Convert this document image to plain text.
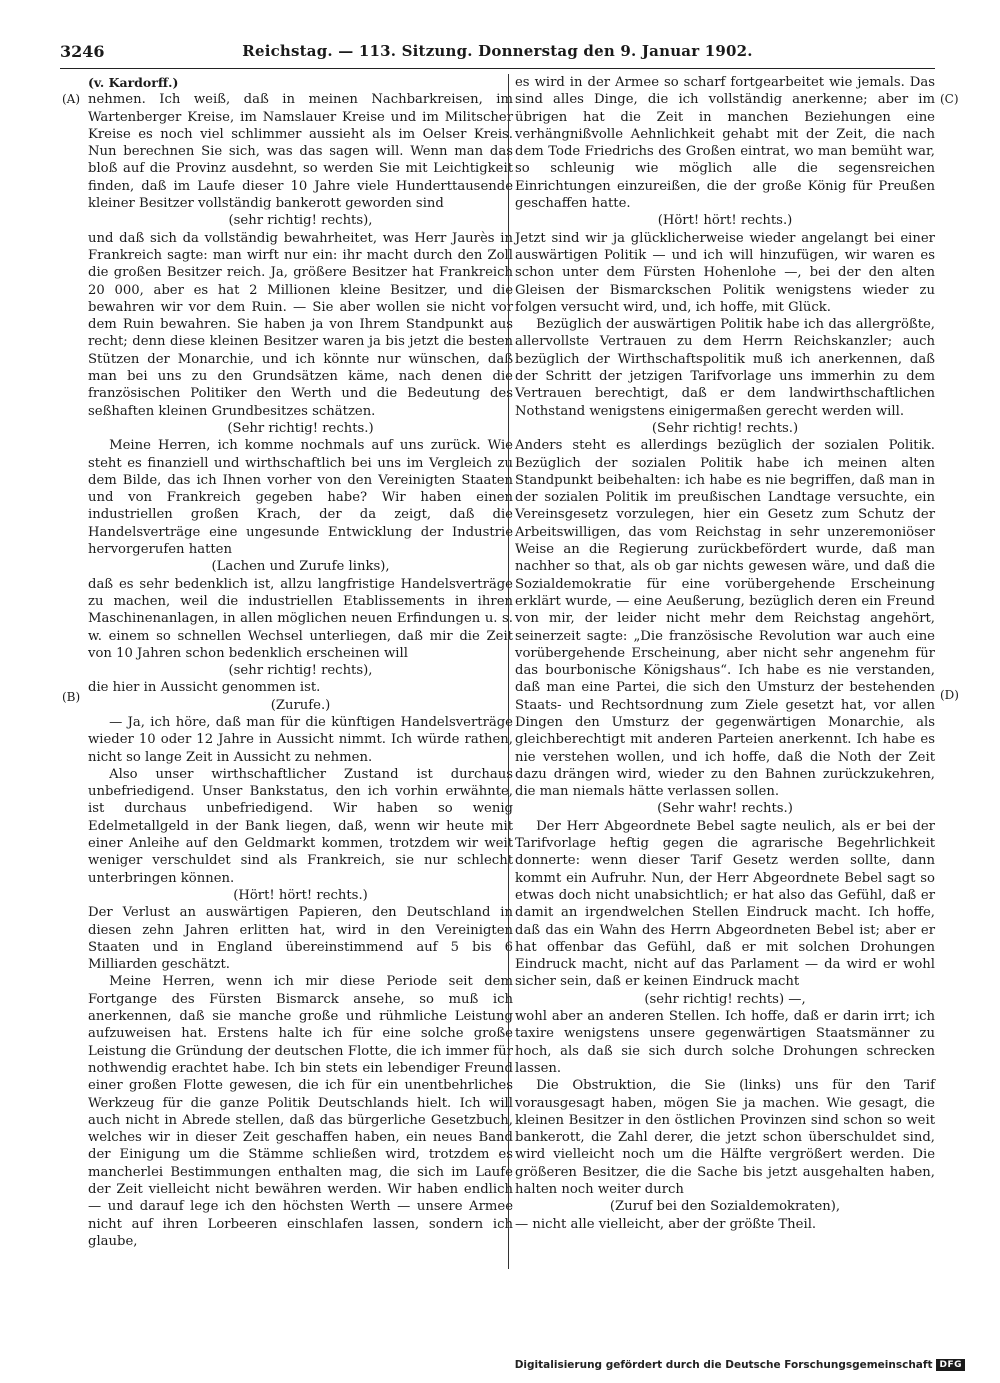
3246	Reichstag. — 113. Sitzung. Donnerstag den 9. Januar 1902.
(A)
(B)
(C)
(D)

(v. Kardorff.)

nehmen. Ich weiß, daß in meinen Nachbarkreisen, im Wartenberger Kreise, im Namslauer Kreise und im Militscher Kreise es noch viel schlimmer aussieht als im Oelser Kreis. Nun berechnen Sie sich, was das sagen will. Wenn man das bloß auf die Provinz ausdehnt, so werden Sie mit Leichtigkeit finden, daß im Laufe dieser 10 Jahre viele Hunderttausende kleiner Besitzer vollständig bankerott geworden sind

(sehr richtig! rechts),

und daß sich da vollständig bewahrheitet, was Herr Jaurès in Frankreich sagte: man wirft nur ein: ihr macht durch den Zoll die großen Besitzer reich. Ja, größere Besitzer hat Frankreich 20 000, aber es hat 2 Millionen kleine Besitzer, und die bewahren wir vor dem Ruin. — Sie aber wollen sie nicht vor dem Ruin bewahren. Sie haben ja von Ihrem Standpunkt aus recht; denn diese kleinen Besitzer waren ja bis jetzt die besten Stützen der Monarchie, und ich könnte nur wünschen, daß man bei uns zu den Grundsätzen käme, nach denen die französischen Politiker den Werth und die Bedeutung des seßhaften kleinen Grundbesitzes schätzen.

(Sehr richtig! rechts.)

Meine Herren, ich komme nochmals auf uns zurück. Wie steht es finanziell und wirthschaftlich bei uns im Vergleich zu dem Bilde, das ich Ihnen vorher von den Vereinigten Staaten und von Frankreich gegeben habe? Wir haben einen industriellen großen Krach, der da zeigt, daß die Handelsverträge eine ungesunde Entwicklung der Industrie hervorgerufen hatten

(Lachen und Zurufe links),

daß es sehr bedenklich ist, allzu langfristige Handelsverträge zu machen, weil die industriellen Etablissements in ihren Maschinenanlagen, in allen möglichen neuen Erfindungen u. s. w. einem so schnellen Wechsel unterliegen, daß mir die Zeit von 10 Jahren schon bedenklich erscheinen will

(sehr richtig! rechts),

die hier in Aussicht genommen ist.

(Zurufe.)

— Ja, ich höre, daß man für die künftigen Handelsverträge wieder 10 oder 12 Jahre in Aussicht nimmt. Ich würde rathen, nicht so lange Zeit in Aussicht zu nehmen.

Also unser wirthschaftlicher Zustand ist durchaus unbefriedigend. Unser Bankstatus, den ich vorhin erwähnte, ist durchaus unbefriedigend. Wir haben so wenig Edelmetallgeld in der Bank liegen, daß, wenn wir heute mit einer Anleihe auf den Geldmarkt kommen, trotzdem wir weit weniger verschuldet sind als Frankreich, sie nur schlecht unterbringen können.

(Hört! hört! rechts.)

Der Verlust an auswärtigen Papieren, den Deutschland in diesen zehn Jahren erlitten hat, wird in den Vereinigten Staaten und in England übereinstimmend auf 5 bis 6 Milliarden geschätzt.

Meine Herren, wenn ich mir diese Periode seit dem Fortgange des Fürsten Bismarck ansehe, so muß ich anerkennen, daß sie manche große und rühmliche Leistung aufzuweisen hat. Erstens halte ich für eine solche große Leistung die Gründung der deutschen Flotte, die ich immer für nothwendig erachtet habe. Ich bin stets ein lebendiger Freund einer großen Flotte gewesen, die ich für ein unentbehrliches Werkzeug für die ganze Politik Deutschlands hielt. Ich will auch nicht in Abrede stellen, daß das bürgerliche Gesetzbuch, welches wir in dieser Zeit geschaffen haben, ein neues Band der Einigung um die Stämme schließen wird, trotzdem es mancherlei Bestimmungen enthalten mag, die sich im Laufe der Zeit vielleicht nicht bewähren werden. Wir haben endlich — und darauf lege ich den höchsten Werth — unsere Armee nicht auf ihren Lorbeeren einschlafen lassen, sondern ich glaube,

es wird in der Armee so scharf fortgearbeitet wie jemals. Das sind alles Dinge, die ich vollständig anerkenne; aber im übrigen hat die Zeit in manchen Beziehungen eine verhängnißvolle Aehnlichkeit gehabt mit der Zeit, die nach dem Tode Friedrichs des Großen eintrat, wo man bemüht war, so schleunig wie möglich alle die segensreichen Einrichtungen einzureißen, die der große König für Preußen geschaffen hatte.

(Hört! hört! rechts.)

Jetzt sind wir ja glücklicherweise wieder angelangt bei einer auswärtigen Politik — und ich will hinzufügen, wir waren es schon unter dem Fürsten Hohenlohe —, bei der den alten Gleisen der Bismarckschen Politik wenigstens wieder zu folgen versucht wird, und, ich hoffe, mit Glück.

Bezüglich der auswärtigen Politik habe ich das allergrößte, allervollste Vertrauen zu dem Herrn Reichskanzler; auch bezüglich der Wirthschaftspolitik muß ich anerkennen, daß der Schritt der jetzigen Tarifvorlage uns immerhin zu dem Vertrauen berechtigt, daß er dem landwirthschaftlichen Nothstand wenigstens einigermaßen gerecht werden will.

(Sehr richtig! rechts.)

Anders steht es allerdings bezüglich der sozialen Politik. Bezüglich der sozialen Politik habe ich meinen alten Standpunkt beibehalten: ich habe es nie begriffen, daß man in der sozialen Politik im preußischen Landtage versuchte, ein Vereinsgesetz vorzulegen, hier ein Gesetz zum Schutz der Arbeitswilligen, das vom Reichstag in sehr unzeremoniöser Weise an die Regierung zurückbefördert wurde, daß man nachher so that, als ob gar nichts gewesen wäre, und daß die Sozialdemokratie für eine vorübergehende Erscheinung erklärt wurde, — eine Aeußerung, bezüglich deren ein Freund von mir, der leider nicht mehr dem Reichstag angehört, seinerzeit sagte: „Die französische Revolution war auch eine vorübergehende Erscheinung, aber nicht sehr angenehm für das bourbonische Königshaus“. Ich habe es nie verstanden, daß man eine Partei, die sich den Umsturz der bestehenden Staats- und Rechtsordnung zum Ziele gesetzt hat, vor allen Dingen den Umsturz der gegenwärtigen Monarchie, als gleichberechtigt mit anderen Parteien anerkennt. Ich habe es nie verstehen wollen, und ich hoffe, daß die Noth der Zeit dazu drängen wird, wieder zu den Bahnen zurückzukehren, die man niemals hätte verlassen sollen.

(Sehr wahr! rechts.)

Der Herr Abgeordnete Bebel sagte neulich, als er bei der Tarifvorlage heftig gegen die agrarische Begehrlichkeit donnerte: wenn dieser Tarif Gesetz werden sollte, dann kommt ein Aufruhr. Nun, der Herr Abgeordnete Bebel sagt so etwas doch nicht unabsichtlich; er hat also das Gefühl, daß er damit an irgendwelchen Stellen Eindruck macht. Ich hoffe, daß das ein Wahn des Herrn Abgeordneten Bebel ist; aber er hat offenbar das Gefühl, daß er mit solchen Drohungen Eindruck macht, nicht auf das Parlament — da wird er wohl sicher sein, daß er keinen Eindruck macht

(sehr richtig! rechts) —,

wohl aber an anderen Stellen. Ich hoffe, daß er darin irrt; ich taxire wenigstens unsere gegenwärtigen Staatsmänner zu hoch, als daß sie sich durch solche Drohungen schrecken lassen.

Die Obstruktion, die Sie (links) uns für den Tarif vorausgesagt haben, mögen Sie ja machen. Wie gesagt, die kleinen Besitzer in den östlichen Provinzen sind schon so weit bankerott, die Zahl derer, die jetzt schon überschuldet sind, wird vielleicht noch um die Hälfte vergrößert werden. Die größeren Besitzer, die die Sache bis jetzt ausgehalten haben, halten noch weiter durch

(Zuruf bei den Sozialdemokraten),

— nicht alle vielleicht, aber der größte Theil.

Digitalisierung gefördert durch die Deutsche Forschungsgemeinschaft DFG
